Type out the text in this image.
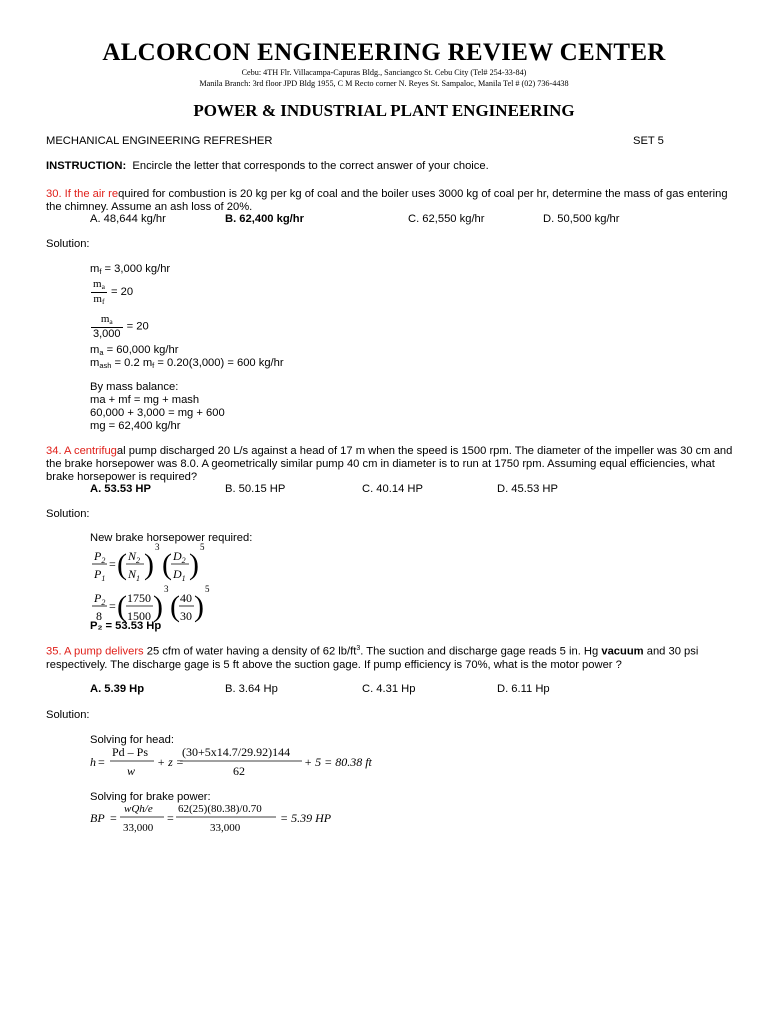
ALCORCON ENGINEERING REVIEW CENTER
Cebu: 4TH Flr. Villacampa-Capuras Bldg., Sanciangco St. Cebu City (Tel# 254-33-84)
Manila Branch: 3rd floor JPD Bldg 1955, C M Recto corner N. Reyes St. Sampaloc, Manila Tel # (02) 736-4438
POWER & INDUSTRIAL PLANT ENGINEERING
MECHANICAL ENGINEERING REFRESHER	SET 5
INSTRUCTION: Encircle the letter that corresponds to the correct answer of your choice.
30. If the air required for combustion is 20 kg per kg of coal and the boiler uses 3000 kg of coal per hr, determine the mass of gas entering the chimney. Assume an ash loss of 20%.
A. 48,644 kg/hr	B. 62,400 kg/hr	C. 62,550 kg/hr	D. 50,500 kg/hr
Solution:
mf = 3,000 kg/hr
$\frac{ma}{mf} = 20$
$\frac{ma}{3,000} = 20$
ma = 60,000 kg/hr
mash = 0.2 mf = 0.20(3,000) = 600 kg/hr
By mass balance:
ma + mf = mg + mash
60,000 + 3,000 = mg + 600
mg = 62,400 kg/hr
34. A centrifugal pump discharged 20 L/s against a head of 17 m when the speed is 1500 rpm. The diameter of the impeller was 30 cm and the brake horsepower was 8.0. A geometrically similar pump 40 cm in diameter is to run at 1750 rpm. Assuming equal efficiencies, what brake horsepower is required?
A. 53.53 HP	B. 50.15 HP	C. 40.14 HP	D. 45.53 HP
Solution:
New brake horsepower required:
$P_2$
$P_1$
= ( $N_2$
$N_1$ )
3
( $D_2$
$D_1$ )
5
$P_2$
8
= ( 1750
1500 )
3
( 40
30 )
5
P₂ = 53.53 Hp
35. A pump delivers 25 cfm of water having a density of 62 $lb/ft^3$. The suction and discharge gage reads 5 in. Hg vacuum and 30 psi respectively. The discharge gage is 5 ft above the suction gage. If pump efficiency is 70%, what is the motor power ?
A. 5.39 Hp	B. 3.64 Hp	C. 4.31 Hp	D. 6.11 Hp
Solution:
Solving for head:
h =
Pd – Ps
w
+ z =
(30+5x14.7/29.92)144
62
+ 5 = 80.38 ft
Solving for brake power:
BP =
wQh/e
33,000
=
62(25)(80.38)/0.70
33,000
= 5.39 HP
